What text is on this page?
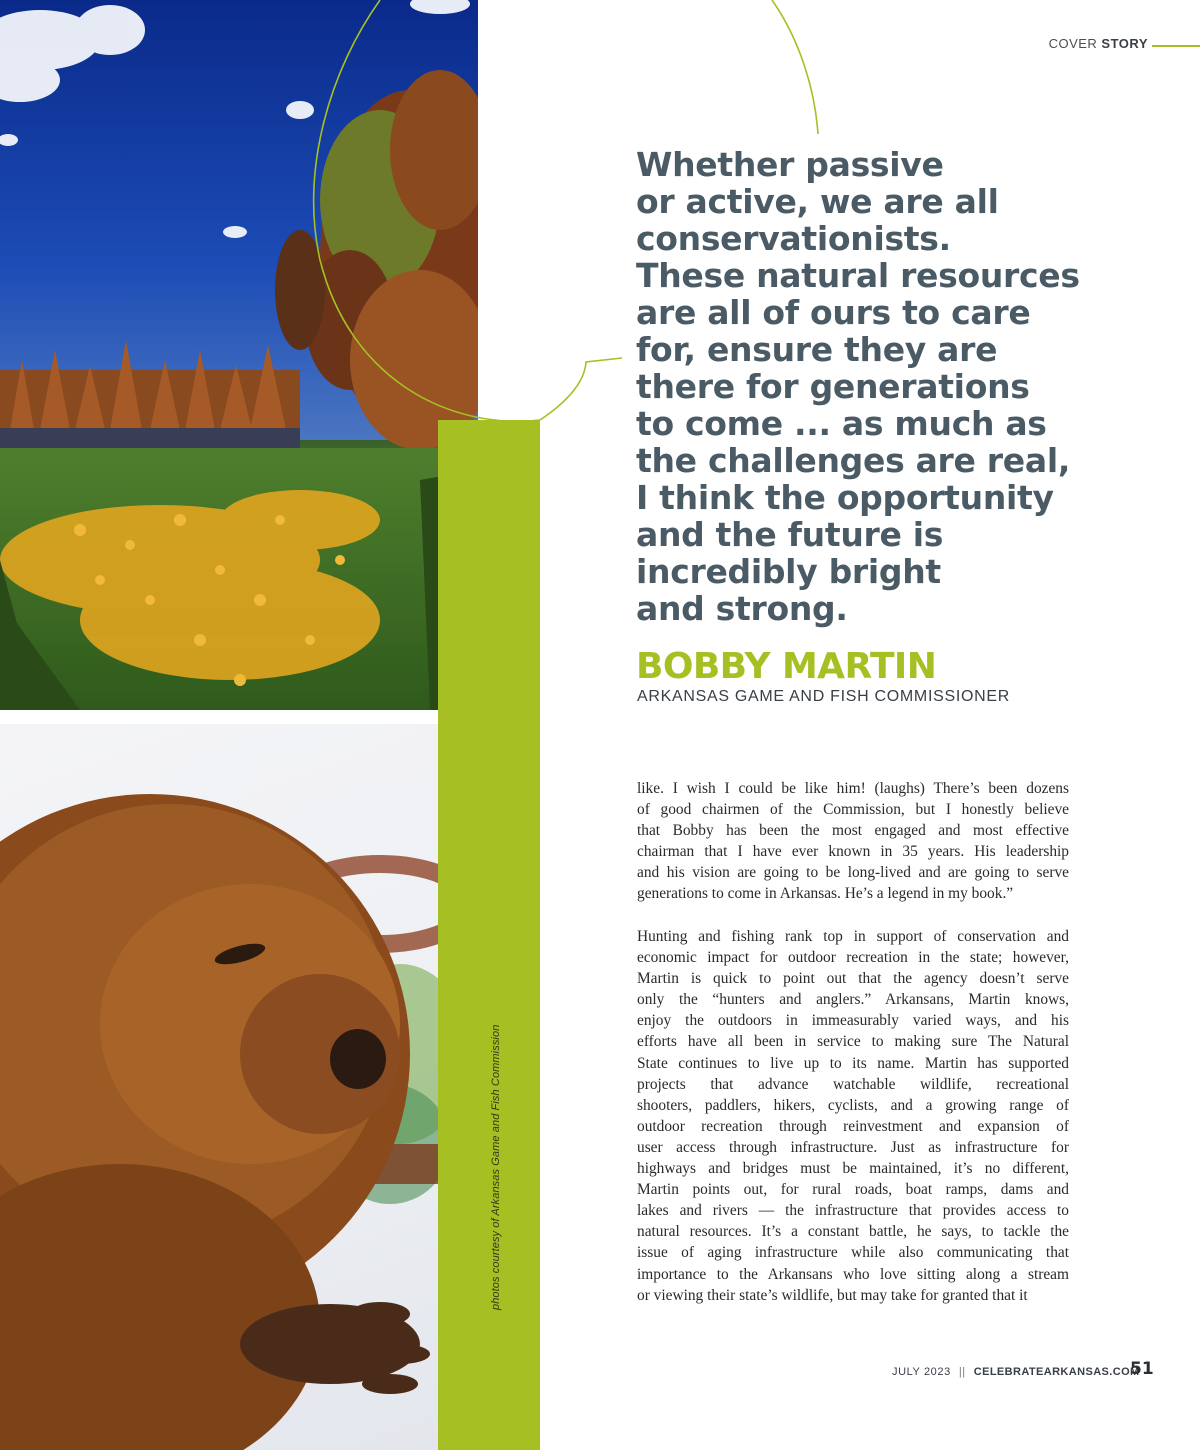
photos courtesy of Arkansas Game and Fish Commission
COVER STORY
Whether passive
or active, we are all
conservationists.
These natural resources
are all of ours to care
for, ensure they are
there for generations
to come ... as much as
the challenges are real,
I think the opportunity
and the future is
incredibly bright
and strong.
BOBBY MARTIN
ARKANSAS GAME AND FISH COMMISSIONER
like. I wish I could be like him! (laughs) There’s been dozens
of good chairmen of the Commission, but I honestly believe
that Bobby has been the most engaged and most effective
chairman that I have ever known in 35 years. His leadership
and his vision are going to be long-lived and are going to serve
generations to come in Arkansas. He’s a legend in my book.”
Hunting and fishing rank top in support of conservation and
economic impact for outdoor recreation in the state; however,
Martin is quick to point out that the agency doesn’t serve
only the “hunters and anglers.” Arkansans, Martin knows,
enjoy the outdoors in immeasurably varied ways, and his
efforts have all been in service to making sure The Natural
State continues to live up to its name. Martin has supported
projects that advance watchable wildlife, recreational
shooters, paddlers, hikers, cyclists, and a growing range of
outdoor recreation through reinvestment and expansion of
user access through infrastructure. Just as infrastructure for
highways and bridges must be maintained, it’s no different,
Martin points out, for rural roads, boat ramps, dams and
lakes and rivers — the infrastructure that provides access to
natural resources. It’s a constant battle, he says, to tackle the
issue of aging infrastructure while also communicating that
importance to the Arkansans who love sitting along a stream
or viewing their state’s wildlife, but may take for granted that it
JULY 2023 || CELEBRATEARKANSAS.COM
51
